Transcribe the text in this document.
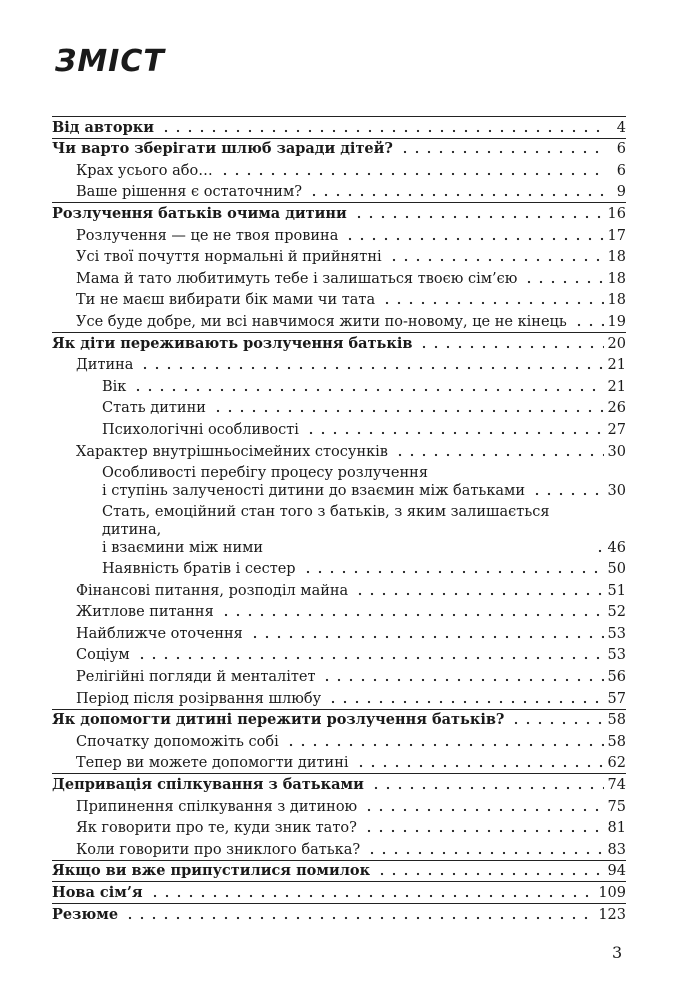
ЗМІСТ
Від авторки	4
Чи варто зберігати шлюб заради дітей?	6
Крах усього або…	6
Ваше рішення є остаточним?	9
Розлучення батьків очима дитини	16
Розлучення — це не твоя провина	17
Усі твої почуття нормальні й прийнятні	18
Мама й тато любитимуть тебе і залишаться твоєю сім’єю	18
Ти не маєш вибирати бік мами чи тата	18
Усе буде добре, ми всі навчимося жити по-новому, це не кінець	19
Як діти переживають розлучення батьків	20
Дитина	21
Вік	21
Стать дитини	26
Психологічні особливості	27
Характер внутрішньосімейних стосунків	30
Особливості перебігу процесу розлучення
і ступінь залученості дитини до взаємин між батьками	30
Стать, емоційний стан того з батьків, з яким залишається дитина,
і взаємини між ними	46
Наявність братів і сестер	50
Фінансові питання, розподіл майна	51
Житлове питання	52
Найближче оточення	53
Соціум	53
Релігійні погляди й менталітет	56
Період після розірвання шлюбу	57
Як допомогти дитині пережити розлучення батьків?	58
Спочатку допоможіть собі	58
Тепер ви можете допомогти дитині	62
Депривація спілкування з батьками	74
Припинення спілкування з дитиною	75
Як говорити про те, куди зник тато?	81
Коли говорити про зниклого батька?	83
Якщо ви вже припустилися помилок	94
Нова сім’я	109
Резюме	123
3
